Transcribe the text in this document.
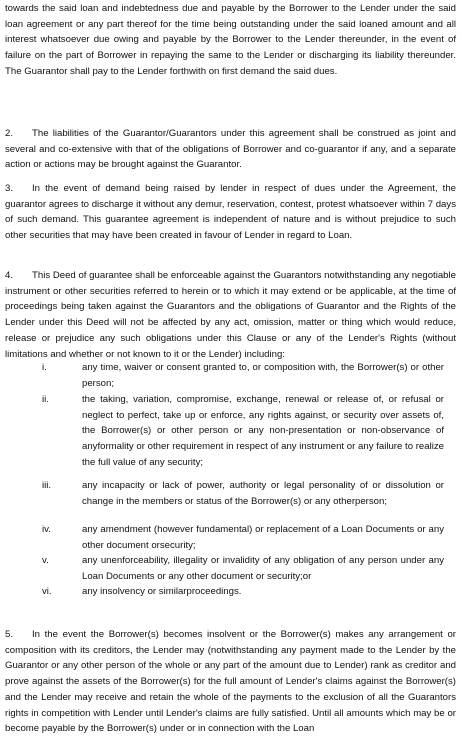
towards the said loan and indebtedness due and payable by the Borrower to the Lender under the said loan agreement or any part thereof for the time being outstanding under the said loaned amount and all interest whatsoever due owing and payable by the Borrower to the Lender thereunder, in the event of failure on the part of Borrower in repaying the same to the Lender or discharging its liability thereunder. The Guarantor shall pay to the Lender forthwith on first demand the said dues.

2. The liabilities of the Guarantor/Guarantors under this agreement shall be construed as joint and several and co-extensive with that of the obligations of Borrower and co-guarantor if any, and a separate action or actions may be brought against the Guarantor.

3. In the event of demand being raised by lender in respect of dues under the Agreement, the guarantor agrees to discharge it without any demur, reservation, contest, protest whatsoever within 7 days of such demand. This guarantee agreement is independent of nature and is without prejudice to such other securities that may have been created in favour of Lender in regard to Loan.

4. This Deed of guarantee shall be enforceable against the Guarantors notwithstanding any negotiable instrument or other securities referred to herein or to which it may extend or be applicable, at the time of proceedings being taken against the Guarantors and the obligations of Guarantor and the Rights of the Lender under this Deed will not be affected by any act, omission, matter or thing which would reduce, release or prejudice any such obligations under this Clause or any of the Lender's Rights (without limitations and whether or not known to it or the Lender) including:

i.	any time, waiver or consent granted to, or composition with, the Borrower(s) or other person;
ii.	the taking, variation, compromise, exchange, renewal or release of, or refusal or neglect to perfect, take up or enforce, any rights against, or security over assets of, the Borrower(s) or other person or any non-presentation or non-observance of anyformality or other requirement in respect of any instrument or any failure to realize the full value of any security;
iii.	any incapacity or lack of power, authority or legal personality of or dissolution or change in the members or status of the Borrower(s) or any otherperson;
iv.	any amendment (however fundamental) or replacement of a Loan Documents or any other document orsecurity;
v.	any unenforceability, illegality or invalidity of any obligation of any person under any Loan Documents or any other document or security;or
vi.	any insolvency or similarproceedings.

5. In the event the Borrower(s) becomes insolvent or the Borrower(s) makes any arrangement or composition with its creditors, the Lender may (notwithstanding any payment made to the Lender by the Guarantor or any other person of the whole or any part of the amount due to Lender) rank as creditor and prove against the assets of the Borrower(s) for the full amount of Lender's claims against the Borrower(s) and the Lender may receive and retain the whole of the payments to the exclusion of all the Guarantors rights in competition with Lender until Lender's claims are fully satisfied. Until all amounts which may be or become payable by the Borrower(s) under or in connection with the Loan
